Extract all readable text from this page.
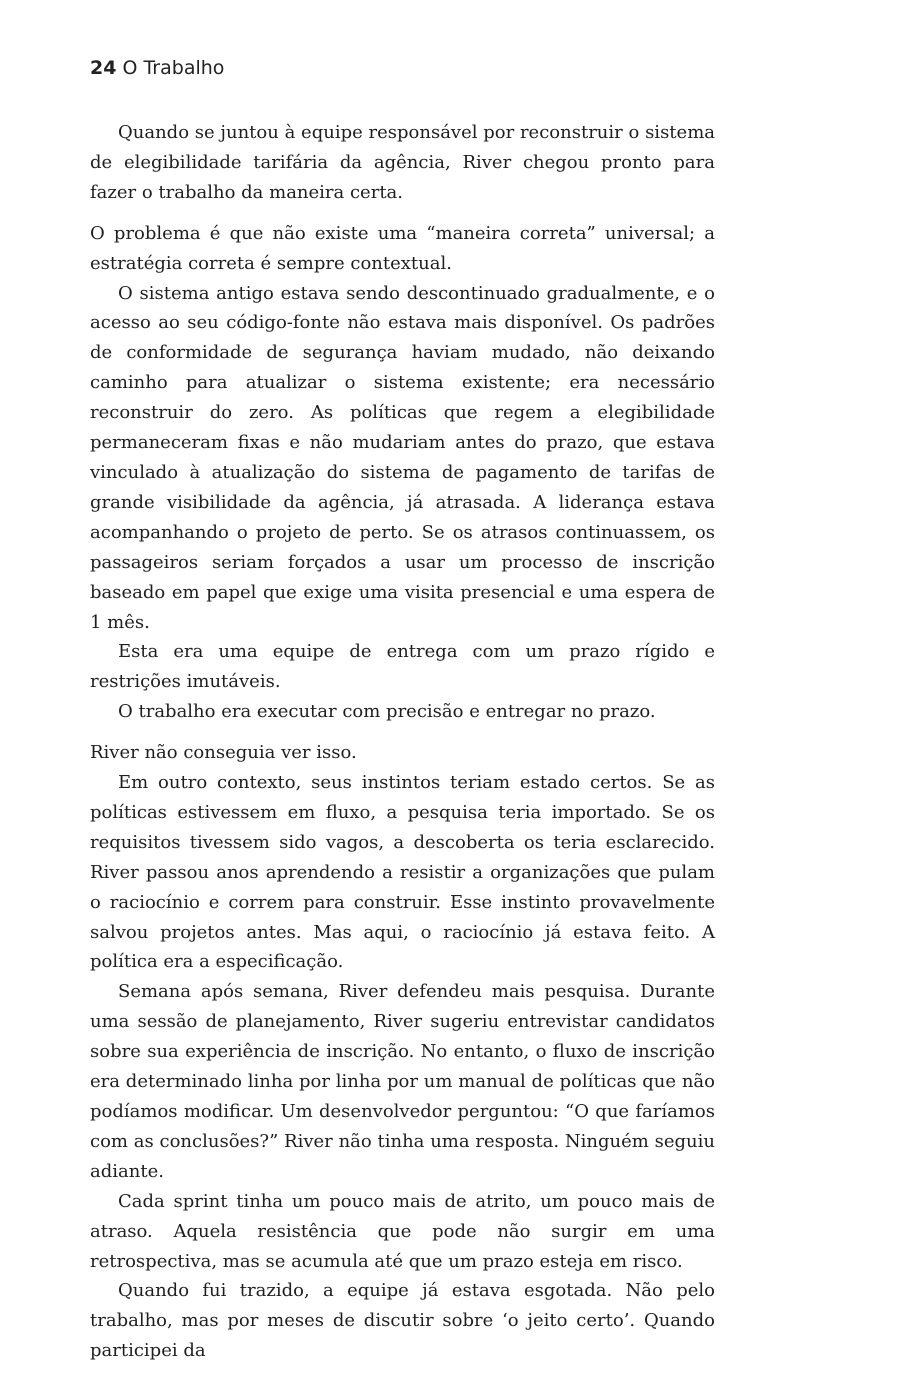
24 O Trabalho

Quando se juntou à equipe responsável por reconstruir o sistema de elegibilidade tarifária da agência, River chegou pronto para fazer o trabalho da maneira certa.

O problema é que não existe uma “maneira correta” universal; a estratégia correta é sempre contextual.

O sistema antigo estava sendo descontinuado gradualmente, e o acesso ao seu código-fonte não estava mais disponível. Os padrões de conformidade de segurança haviam mudado, não deixando caminho para atualizar o sistema existente; era necessário reconstruir do zero. As políticas que regem a elegibilidade permaneceram fixas e não mudariam antes do prazo, que estava vinculado à atualização do sistema de pagamento de tarifas de grande visibilidade da agência, já atrasada. A liderança estava acompanhando o projeto de perto. Se os atrasos continuassem, os passageiros seriam forçados a usar um processo de inscrição baseado em papel que exige uma visita presencial e uma espera de 1 mês.

Esta era uma equipe de entrega com um prazo rígido e restrições imutáveis.

O trabalho era executar com precisão e entregar no prazo.

River não conseguia ver isso.

Em outro contexto, seus instintos teriam estado certos. Se as políticas estivessem em fluxo, a pesquisa teria importado. Se os requisitos tivessem sido vagos, a descoberta os teria esclarecido. River passou anos aprendendo a resistir a organizações que pulam o raciocínio e correm para construir. Esse instinto provavelmente salvou projetos antes. Mas aqui, o raciocínio já estava feito. A política era a especificação.

Semana após semana, River defendeu mais pesquisa. Durante uma sessão de planejamento, River sugeriu entrevistar candidatos sobre sua experiência de inscrição. No entanto, o fluxo de inscrição era determinado linha por linha por um manual de políticas que não podíamos modificar. Um desenvolvedor perguntou: “O que faríamos com as conclusões?” River não tinha uma resposta. Ninguém seguiu adiante.

Cada sprint tinha um pouco mais de atrito, um pouco mais de atraso. Aquela resistência que pode não surgir em uma retrospectiva, mas se acumula até que um prazo esteja em risco.

Quando fui trazido, a equipe já estava esgotada. Não pelo trabalho, mas por meses de discutir sobre ‘o jeito certo’. Quando participei da
